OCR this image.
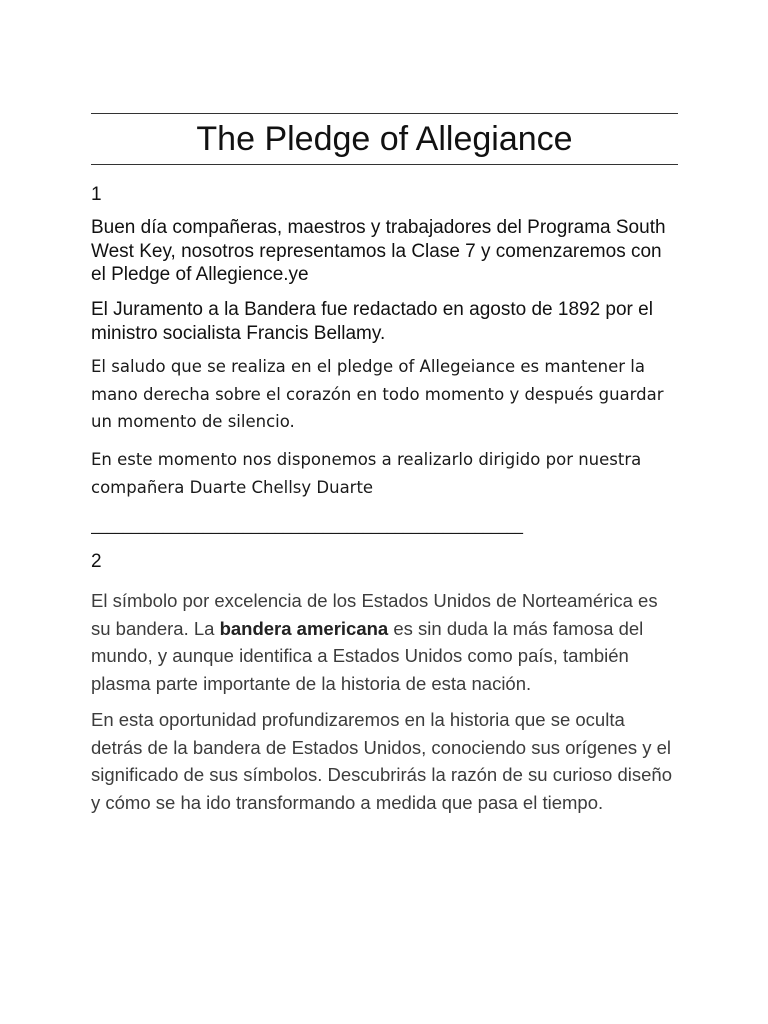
The Pledge of Allegiance
1

Buen día compañeras, maestros y trabajadores del Programa South West Key, nosotros representamos la Clase 7 y comenzaremos con el Pledge of Allegience.ye

El Juramento a la Bandera fue redactado en agosto de 1892 por el ministro socialista Francis Bellamy.

El saludo que se realiza en el pledge of Allegeiance es mantener la mano derecha sobre el corazón en todo momento y después guardar un momento de silencio.

En este momento nos disponemos a realizarlo dirigido por nuestra compañera Duarte Chellsy Duarte

______________________________________________________
2

El símbolo por excelencia de los Estados Unidos de Norteamérica es su bandera. La bandera americana es sin duda la más famosa del mundo, y aunque identifica a Estados Unidos como país, también plasma parte importante de la historia de esta nación.

En esta oportunidad profundizaremos en la historia que se oculta detrás de la bandera de Estados Unidos, conociendo sus orígenes y el significado de sus símbolos. Descubrirás la razón de su curioso diseño y cómo se ha ido transformando a medida que pasa el tiempo.
